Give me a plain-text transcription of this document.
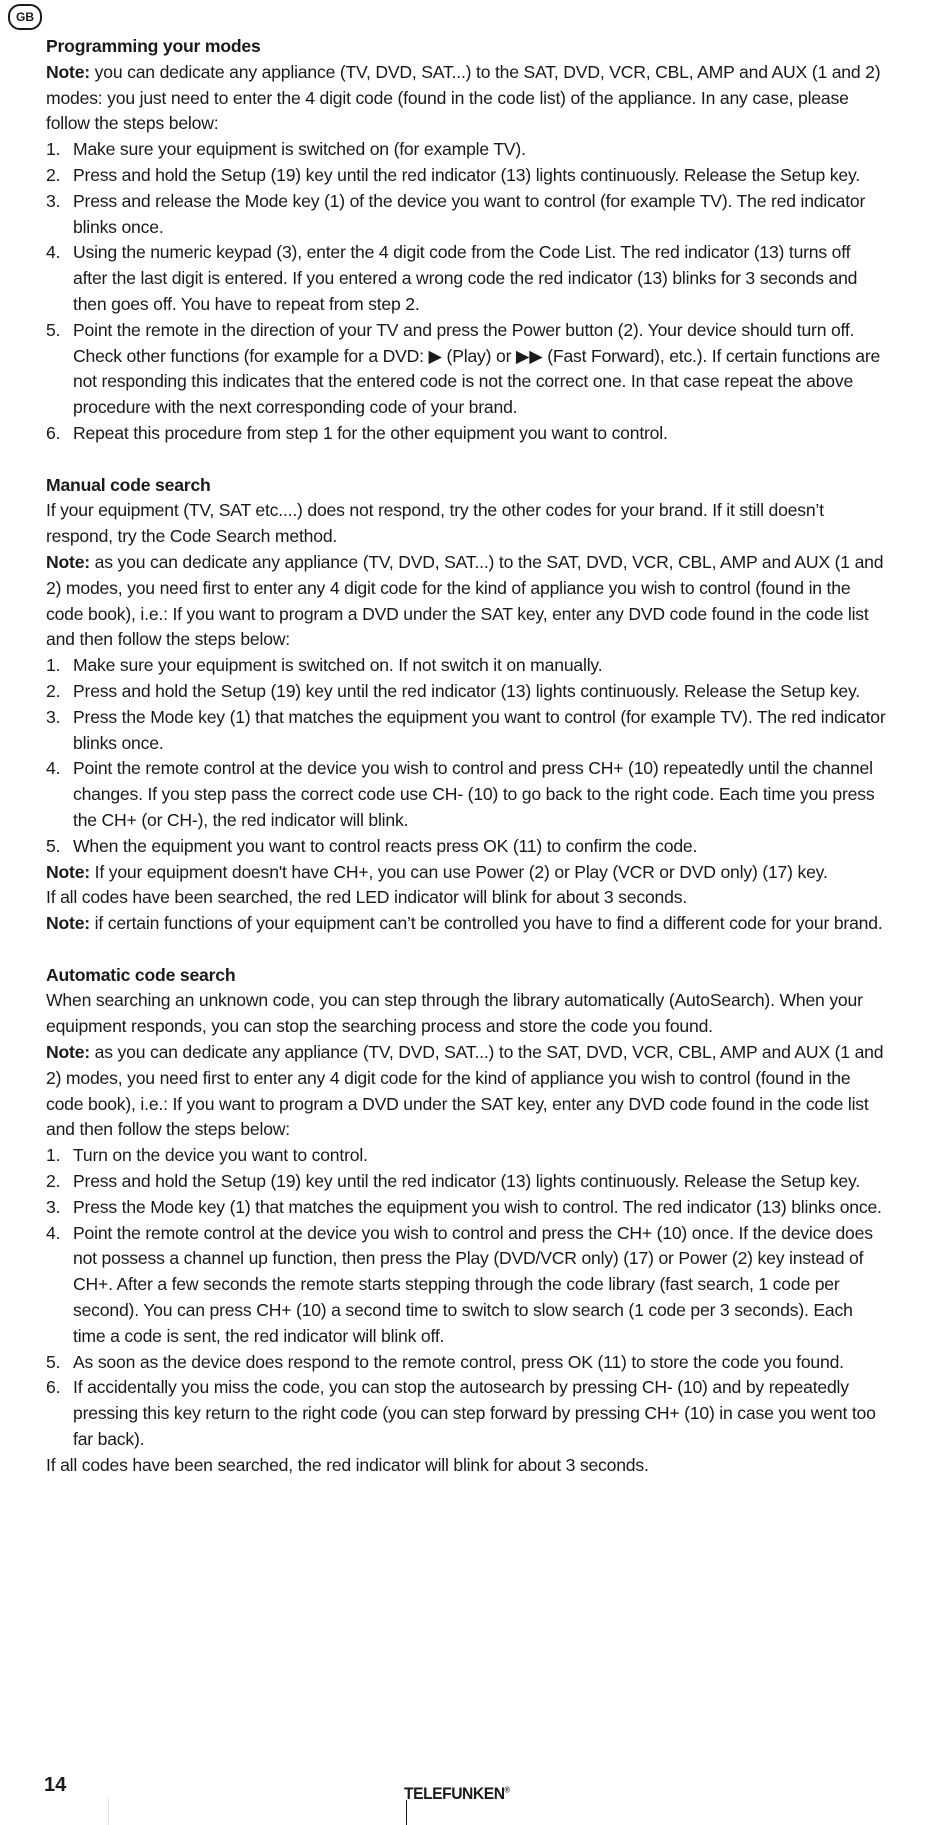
GB

Programming your modes

Note: you can dedicate any appliance (TV, DVD, SAT...) to the SAT, DVD, VCR, CBL, AMP and AUX (1 and 2) modes: you just need to enter the 4 digit code (found in the code list) of the appliance. In any case, please follow the steps below:

1. Make sure your equipment is switched on (for example TV).
2. Press and hold the Setup (19) key until the red indicator (13) lights continuously. Release the Setup key.
3. Press and release the Mode key (1) of the device you want to control (for example TV). The red indicator blinks once.
4. Using the numeric keypad (3), enter the 4 digit code from the Code List. The red indicator (13) turns off after the last digit is entered. If you entered a wrong code the red indicator (13) blinks for 3 seconds and then goes off. You have to repeat from step 2.
5. Point the remote in the direction of your TV and press the Power button (2). Your device should turn off. Check other functions (for example for a DVD: ▶ (Play) or ▶▶ (Fast Forward), etc.). If certain functions are not responding this indicates that the entered code is not the correct one. In that case repeat the above procedure with the next corresponding code of your brand.
6. Repeat this procedure from step 1 for the other equipment you want to control.

Manual code search

If your equipment (TV, SAT etc....) does not respond, try the other codes for your brand. If it still doesn’t respond, try the Code Search method.

Note: as you can dedicate any appliance (TV, DVD, SAT...) to the SAT, DVD, VCR, CBL, AMP and AUX (1 and 2) modes, you need first to enter any 4 digit code for the kind of appliance you wish to control (found in the code book), i.e.: If you want to program a DVD under the SAT key, enter any DVD code found in the code list and then follow the steps below:

1. Make sure your equipment is switched on. If not switch it on manually.
2. Press and hold the Setup (19) key until the red indicator (13) lights continuously. Release the Setup key.
3. Press the Mode key (1) that matches the equipment you want to control (for example TV). The red indicator blinks once.
4. Point the remote control at the device you wish to control and press CH+ (10) repeatedly until the channel changes. If you step pass the correct code use CH- (10) to go back to the right code. Each time you press the CH+ (or CH-), the red indicator will blink.
5. When the equipment you want to control reacts press OK (11) to confirm the code.

Note: If your equipment doesn't have CH+, you can use Power (2) or Play (VCR or DVD only) (17) key.

If all codes have been searched, the red LED indicator will blink for about 3 seconds.

Note: if certain functions of your equipment can’t be controlled you have to find a different code for your brand.

Automatic code search

When searching an unknown code, you can step through the library automatically (AutoSearch). When your equipment responds, you can stop the searching process and store the code you found.

Note: as you can dedicate any appliance (TV, DVD, SAT...) to the SAT, DVD, VCR, CBL, AMP and AUX (1 and 2) modes, you need first to enter any 4 digit code for the kind of appliance you wish to control (found in the code book), i.e.: If you want to program a DVD under the SAT key, enter any DVD code found in the code list and then follow the steps below:

1. Turn on the device you want to control.
2. Press and hold the Setup (19) key until the red indicator (13) lights continuously. Release the Setup key.
3. Press the Mode key (1) that matches the equipment you wish to control. The red indicator (13) blinks once.
4. Point the remote control at the device you wish to control and press the CH+ (10) once. If the device does not possess a channel up function, then press the Play (DVD/VCR only) (17) or Power (2) key instead of CH+. After a few seconds the remote starts stepping through the code library (fast search, 1 code per second). You can press CH+ (10) a second time to switch to slow search (1 code per 3 seconds). Each time a code is sent, the red indicator will blink off.
5. As soon as the device does respond to the remote control, press OK (11) to store the code you found.
6. If accidentally you miss the code, you can stop the autosearch by pressing CH- (10) and by repeatedly pressing this key return to the right code (you can step forward by pressing CH+ (10) in case you went too far back).

If all codes have been searched, the red indicator will blink for about 3 seconds.

14	TELEFUNKEN®
